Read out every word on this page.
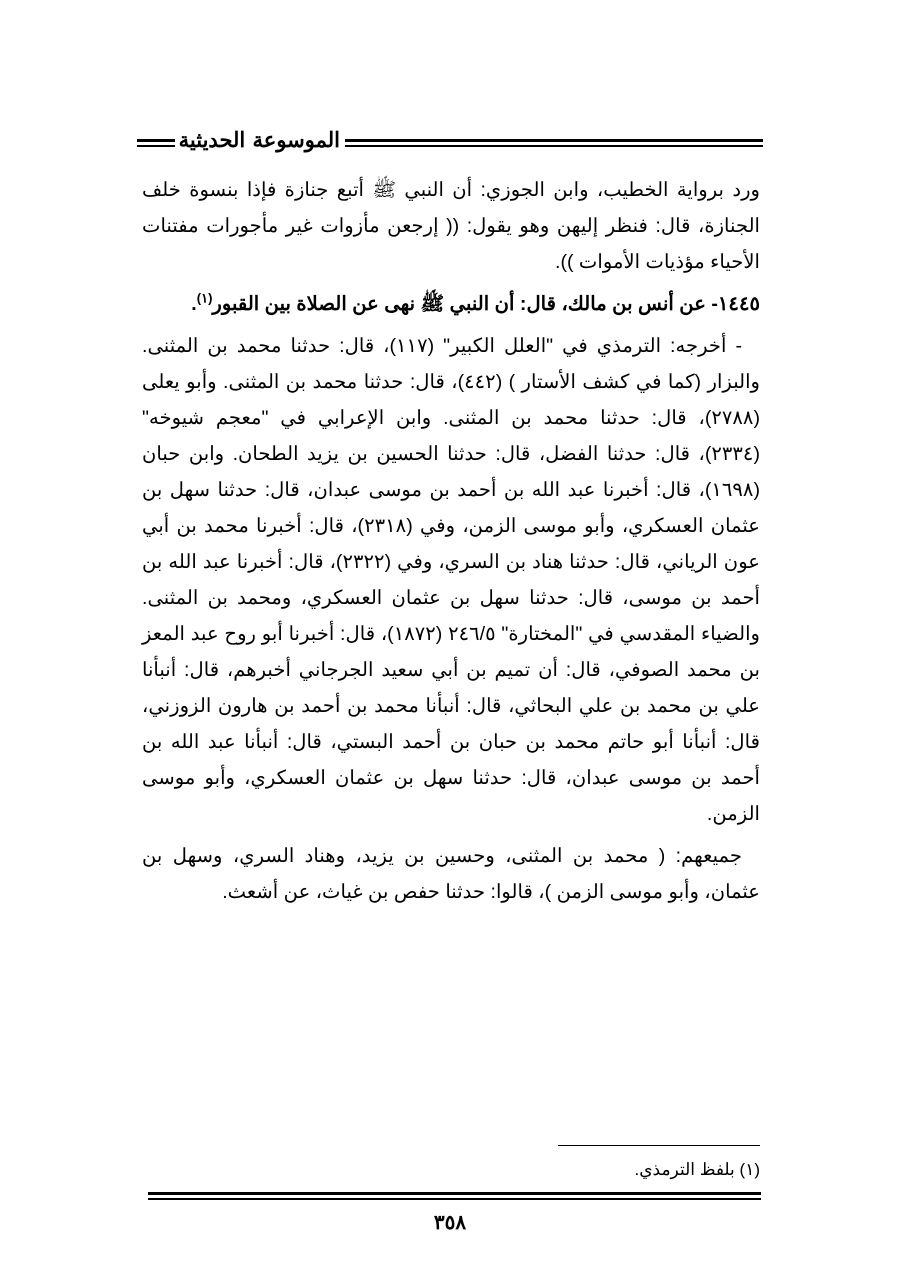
الموسوعة الحديثية

ورد برواية الخطيب، وابن الجوزي: أن النبي ﷺ أتبع جنازة فإذا بنسوة خلف الجنازة، قال: فنظر إليهن وهو يقول: (( إرجعن مأزوات غير مأجورات مفتنات الأحياء مؤذيات الأموات )).

١٤٤٥- عن أنس بن مالك، قال: أن النبي ﷺ نهى عن الصلاة بين القبور$^{(١)}$.

- أخرجه: الترمذي في "العلل الكبير" (١١٧)، قال: حدثنا محمد بن المثنى. والبزار (كما في كشف الأستار ) (٤٤٢)، قال: حدثنا محمد بن المثنى. وأبو يعلى (٢٧٨٨)، قال: حدثنا محمد بن المثنى. وابن الإعرابي في "معجم شيوخه" (٢٣٣٤)، قال: حدثنا الفضل، قال: حدثنا الحسين بن يزيد الطحان. وابن حبان (١٦٩٨)، قال: أخبرنا عبد الله بن أحمد بن موسى عبدان، قال: حدثنا سهل بن عثمان العسكري، وأبو موسى الزمن، وفي (٢٣١٨)، قال: أخبرنا محمد بن أبي عون الرياني، قال: حدثنا هناد بن السري، وفي (٢٣٢٢)، قال: أخبرنا عبد الله بن أحمد بن موسى، قال: حدثنا سهل بن عثمان العسكري، ومحمد بن المثنى. والضياء المقدسي في "المختارة" ٢٤٦/٥ (١٨٧٢)، قال: أخبرنا أبو روح عبد المعز بن محمد الصوفي، قال: أن تميم بن أبي سعيد الجرجاني أخبرهم، قال: أنبأنا علي بن محمد بن علي البحاثي، قال: أنبأنا محمد بن أحمد بن هارون الزوزني، قال: أنبأنا أبو حاتم محمد بن حبان بن أحمد البستي، قال: أنبأنا عبد الله بن أحمد بن موسى عبدان، قال: حدثنا سهل بن عثمان العسكري، وأبو موسى الزمن.

جميعهم: ( محمد بن المثنى، وحسين بن يزيد، وهناد السري، وسهل بن عثمان، وأبو موسى الزمن )، قالوا: حدثنا حفص بن غياث، عن أشعث.

(١) بلفظ الترمذي.
٣٥٨
